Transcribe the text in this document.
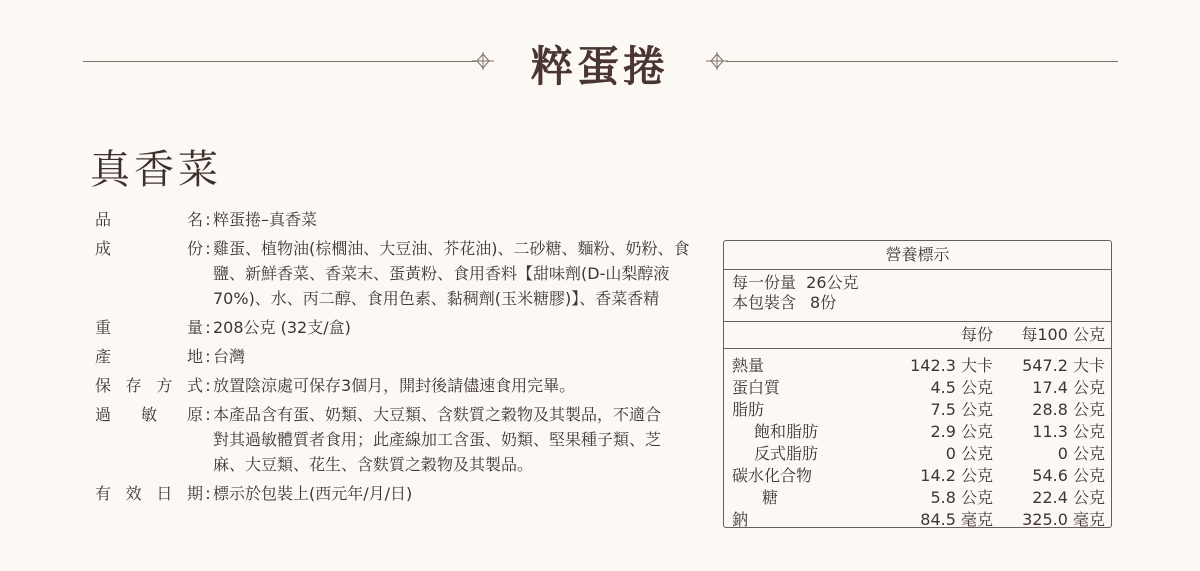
粹蛋捲
真香菜
品	名 : 粹蛋捲–真香菜
成	份 : 雞蛋、植物油(棕櫚油、大豆油、芥花油)、二砂糖、麵粉、奶粉、食
鹽、新鮮香菜、香菜末、蛋黃粉、食用香料【甜味劑(D-山梨醇液
70%)、水、丙二醇、食用色素、黏稠劑(玉米糖膠)】、香菜香精
重	量 : 208公克 (32支/盒)
產	地 : 台灣
保 存 方 式 : 放置陰涼處可保存3個月，開封後請儘速食用完畢。
過 敏 原 : 本產品含有蛋、奶類、大豆類、含麩質之穀物及其製品，不適合
對其過敏體質者食用；此產線加工含蛋、奶類、堅果種子類、芝
麻、大豆類、花生、含麩質之穀物及其製品。
有 效 日 期 : 標示於包裝上(西元年/月/日)
營養標示
每一份量  26公克
本包裝含 8份
每份 每100 公克
熱量	142.3 大卡 547.2 大卡
蛋白質	4.5 公克 17.4 公克
脂肪	7.5 公克 28.8 公克
飽和脂肪	2.9 公克 11.3 公克
反式脂肪	0 公克	0 公克
碳水化合物	14.2 公克 54.6 公克
糖	5.8 公克 22.4 公克
鈉	84.5 毫克 325.0 毫克
